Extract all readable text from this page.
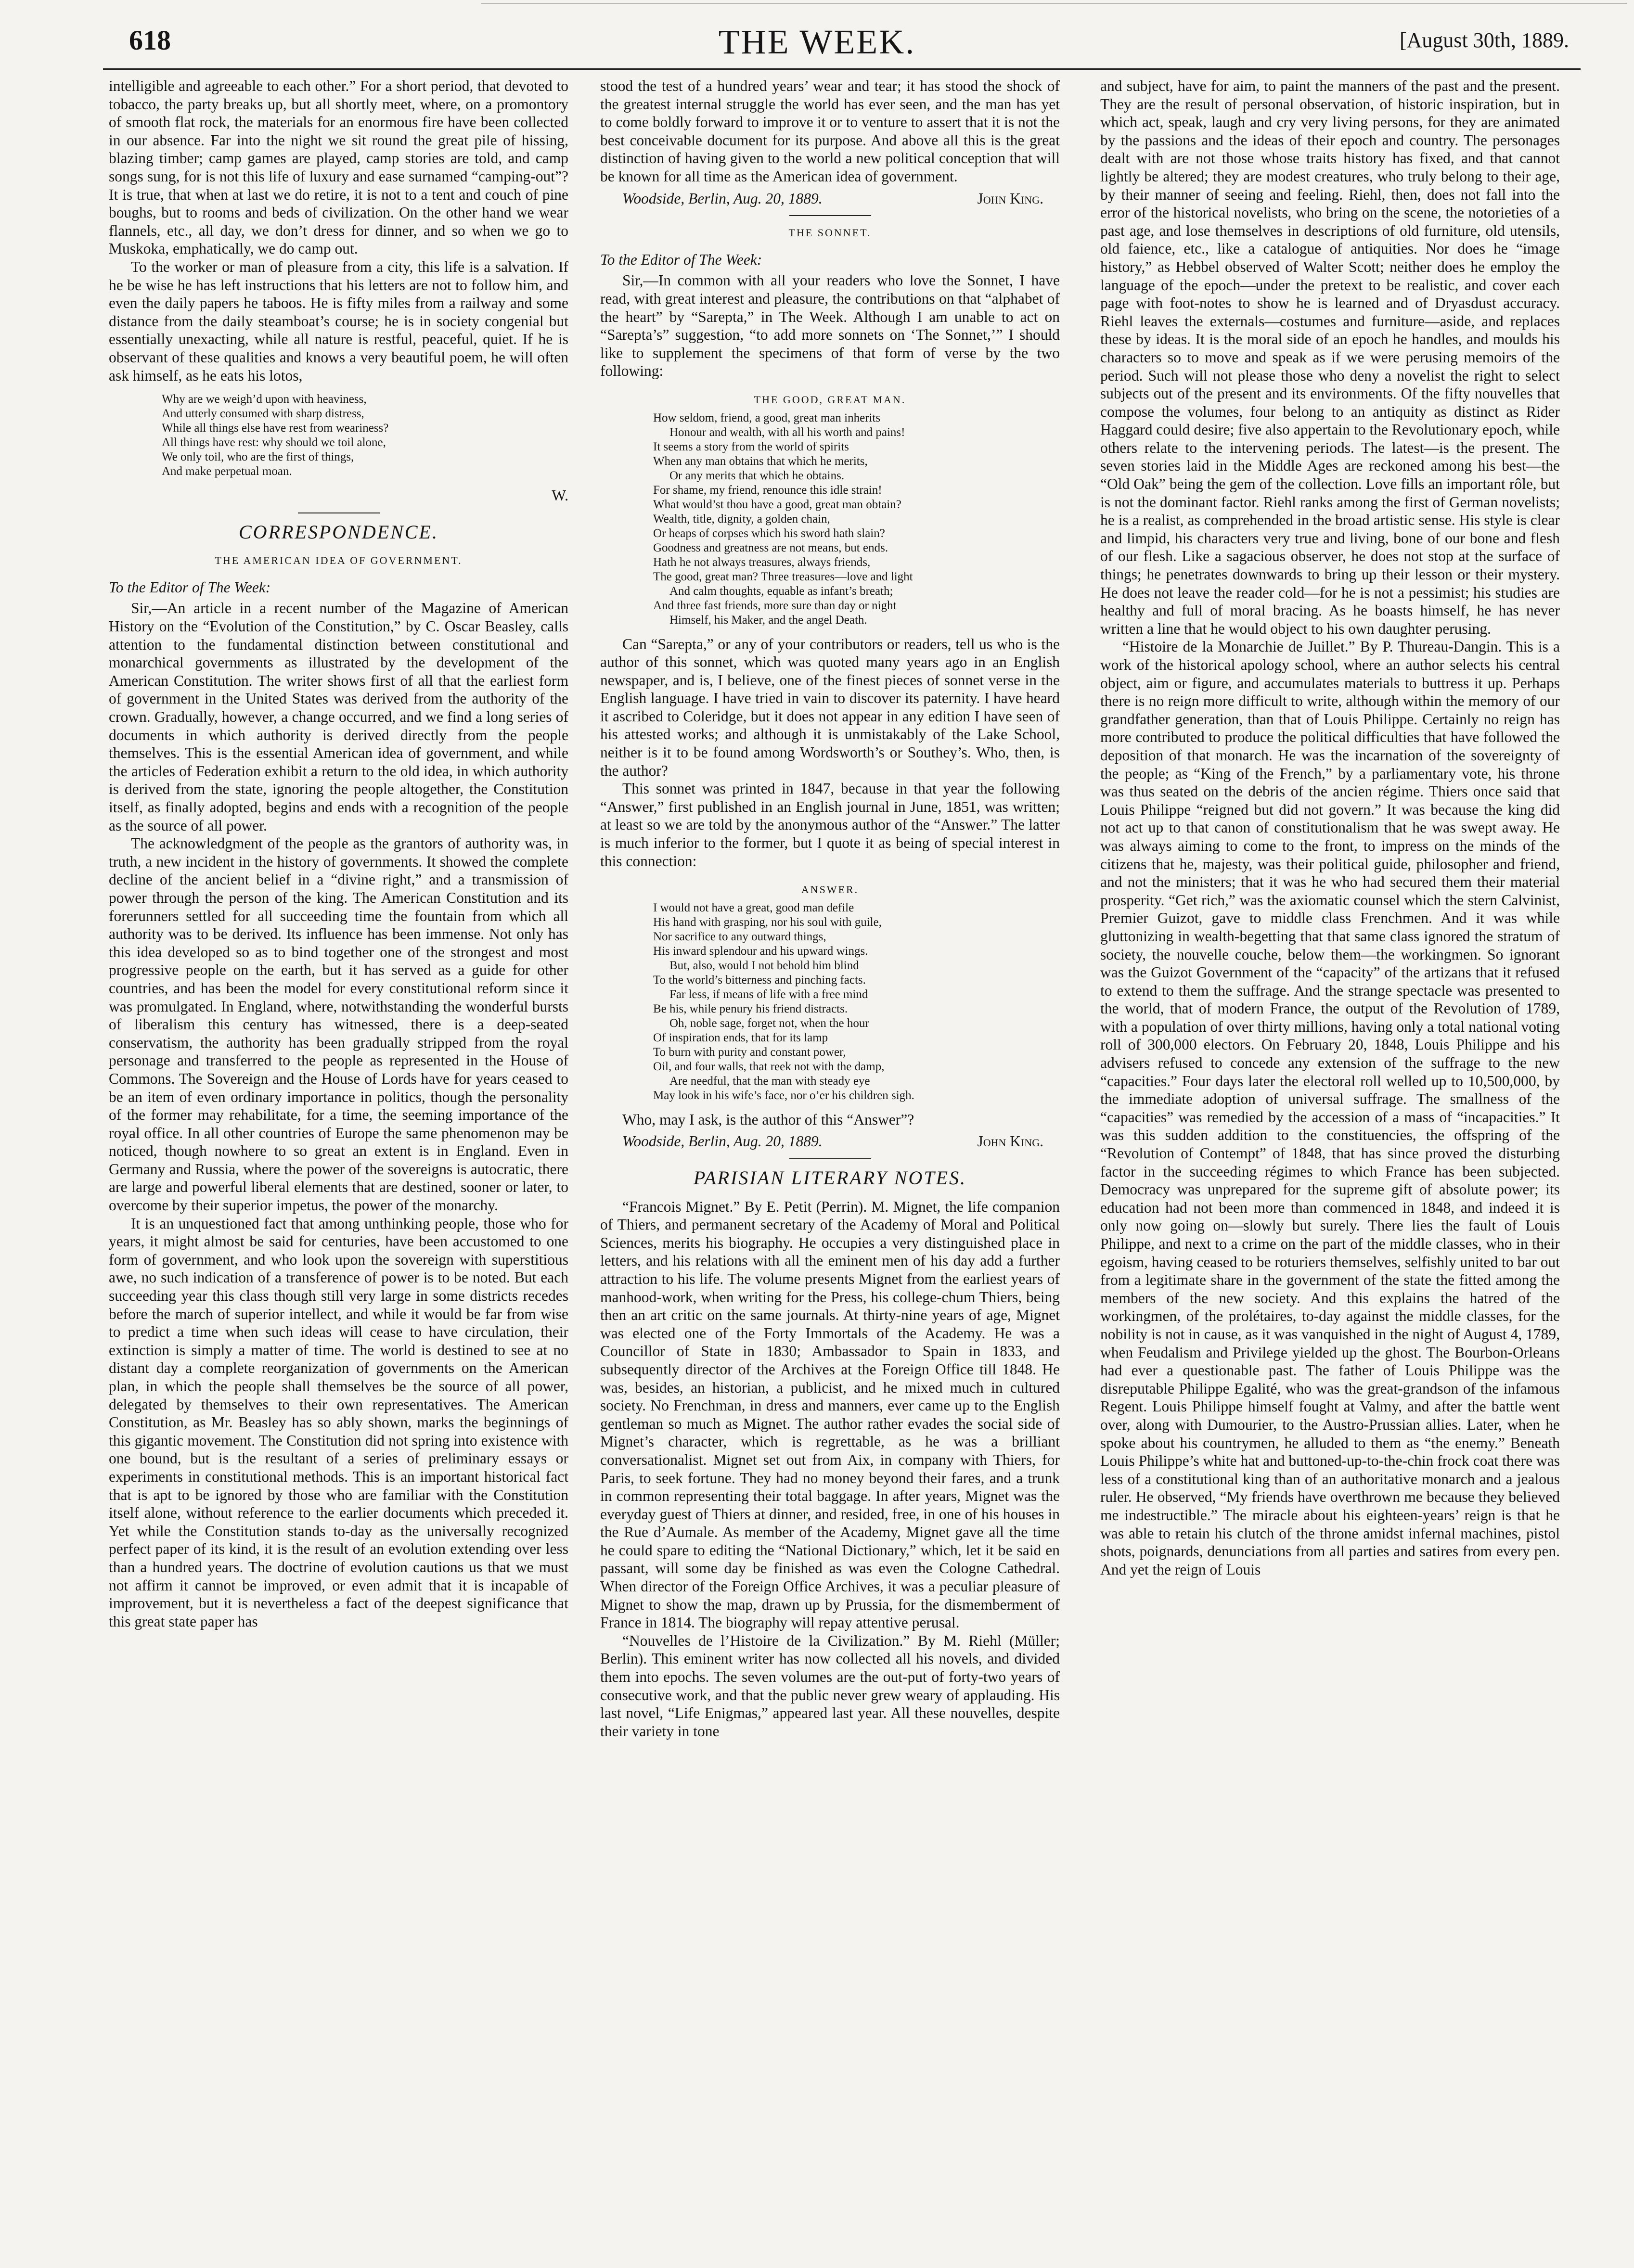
618	THE WEEK.	[August 30th, 1889.

intelligible and agreeable to each other.” For a short period, that devoted to tobacco, the party breaks up, but all shortly meet, where, on a promontory of smooth flat rock, the materials for an enormous fire have been collected in our absence. Far into the night we sit round the great pile of hissing, blazing timber; camp games are played, camp stories are told, and camp songs sung, for is not this life of luxury and ease surnamed “camping-out”? It is true, that when at last we do retire, it is not to a tent and couch of pine boughs, but to rooms and beds of civilization. On the other hand we wear flannels, etc., all day, we don’t dress for dinner, and so when we go to Muskoka, emphatically, we do camp out.

To the worker or man of pleasure from a city, this life is a salvation. If he be wise he has left instructions that his letters are not to follow him, and even the daily papers he taboos. He is fifty miles from a railway and some distance from the daily steamboat’s course; he is in society congenial but essentially unexacting, while all nature is restful, peaceful, quiet. If he is observant of these qualities and knows a very beautiful poem, he will often ask himself, as he eats his lotos,

Why are we weigh’d upon with heaviness,
And utterly consumed with sharp distress,
While all things else have rest from weariness?
All things have rest: why should we toil alone,
We only toil, who are the first of things,
And make perpetual moan.
W.
CORRESPONDENCE.
THE AMERICAN IDEA OF GOVERNMENT.
To the Editor of The Week:

Sir,—An article in a recent number of the Magazine of American History on the “Evolution of the Constitution,” by C. Oscar Beasley, calls attention to the fundamental distinction between constitutional and monarchical governments as illustrated by the development of the American Constitution. The writer shows first of all that the earliest form of government in the United States was derived from the authority of the crown. Gradually, however, a change occurred, and we find a long series of documents in which authority is derived directly from the people themselves. This is the essential American idea of government, and while the articles of Federation exhibit a return to the old idea, in which authority is derived from the state, ignoring the people altogether, the Constitution itself, as finally adopted, begins and ends with a recognition of the people as the source of all power.

The acknowledgment of the people as the grantors of authority was, in truth, a new incident in the history of governments. It showed the complete decline of the ancient belief in a “divine right,” and a transmission of power through the person of the king. The American Constitution and its forerunners settled for all succeeding time the fountain from which all authority was to be derived. Its influence has been immense. Not only has this idea developed so as to bind together one of the strongest and most progressive people on the earth, but it has served as a guide for other countries, and has been the model for every constitutional reform since it was promulgated. In England, where, notwithstanding the wonderful bursts of liberalism this century has witnessed, there is a deep-seated conservatism, the authority has been gradually stripped from the royal personage and transferred to the people as represented in the House of Commons. The Sovereign and the House of Lords have for years ceased to be an item of even ordinary importance in politics, though the personality of the former may rehabilitate, for a time, the seeming importance of the royal office. In all other countries of Europe the same phenomenon may be noticed, though nowhere to so great an extent is in England. Even in Germany and Russia, where the power of the sovereigns is autocratic, there are large and powerful liberal elements that are destined, sooner or later, to overcome by their superior impetus, the power of the monarchy.

It is an unquestioned fact that among unthinking people, those who for years, it might almost be said for centuries, have been accustomed to one form of government, and who look upon the sovereign with superstitious awe, no such indication of a transference of power is to be noted. But each succeeding year this class though still very large in some districts recedes before the march of superior intellect, and while it would be far from wise to predict a time when such ideas will cease to have circulation, their extinction is simply a matter of time. The world is destined to see at no distant day a complete reorganization of governments on the American plan, in which the people shall themselves be the source of all power, delegated by themselves to their own representatives. The American Constitution, as Mr. Beasley has so ably shown, marks the beginnings of this gigantic movement. The Constitution did not spring into existence with one bound, but is the resultant of a series of preliminary essays or experiments in constitutional methods. This is an important historical fact that is apt to be ignored by those who are familiar with the Constitution itself alone, without reference to the earlier documents which preceded it. Yet while the Constitution stands to-day as the universally recognized perfect paper of its kind, it is the result of an evolution extending over less than a hundred years. The doctrine of evolution cautions us that we must not affirm it cannot be improved, or even admit that it is incapable of improvement, but it is nevertheless a fact of the deepest significance that this great state paper has

stood the test of a hundred years’ wear and tear; it has stood the shock of the greatest internal struggle the world has ever seen, and the man has yet to come boldly forward to improve it or to venture to assert that it is not the best conceivable document for its purpose. And above all this is the great distinction of having given to the world a new political conception that will be known for all time as the American idea of government.

Woodside, Berlin, Aug. 20, 1889.	John King.
THE SONNET.
To the Editor of The Week:

Sir,—In common with all your readers who love the Sonnet, I have read, with great interest and pleasure, the contributions on that “alphabet of the heart” by “Sarepta,” in The Week. Although I am unable to act on “Sarepta’s” suggestion, “to add more sonnets on ‘The Sonnet,’” I should like to supplement the specimens of that form of verse by the two following:

THE GOOD, GREAT MAN.
How seldom, friend, a good, great man inherits
Honour and wealth, with all his worth and pains!
It seems a story from the world of spirits
When any man obtains that which he merits,
Or any merits that which he obtains.
For shame, my friend, renounce this idle strain!
What would’st thou have a good, great man obtain?
Wealth, title, dignity, a golden chain,
Or heaps of corpses which his sword hath slain?
Goodness and greatness are not means, but ends.
Hath he not always treasures, always friends,
The good, great man? Three treasures—love and light
And calm thoughts, equable as infant’s breath;
And three fast friends, more sure than day or night
Himself, his Maker, and the angel Death.

Can “Sarepta,” or any of your contributors or readers, tell us who is the author of this sonnet, which was quoted many years ago in an English newspaper, and is, I believe, one of the finest pieces of sonnet verse in the English language. I have tried in vain to discover its paternity. I have heard it ascribed to Coleridge, but it does not appear in any edition I have seen of his attested works; and although it is unmistakably of the Lake School, neither is it to be found among Wordsworth’s or Southey’s. Who, then, is the author?

This sonnet was printed in 1847, because in that year the following “Answer,” first published in an English journal in June, 1851, was written; at least so we are told by the anonymous author of the “Answer.” The latter is much inferior to the former, but I quote it as being of special interest in this connection:

ANSWER.
I would not have a great, good man defile
His hand with grasping, nor his soul with guile,
Nor sacrifice to any outward things,
His inward splendour and his upward wings.
But, also, would I not behold him blind
To the world’s bitterness and pinching facts.
Far less, if means of life with a free mind
Be his, while penury his friend distracts.
Oh, noble sage, forget not, when the hour
Of inspiration ends, that for its lamp
To burn with purity and constant power,
Oil, and four walls, that reek not with the damp,
Are needful, that the man with steady eye
May look in his wife’s face, nor o’er his children sigh.

Who, may I ask, is the author of this “Answer”?

Woodside, Berlin, Aug. 20, 1889.	John King.
PARISIAN LITERARY NOTES.

“Francois Mignet.” By E. Petit (Perrin). M. Mignet, the life companion of Thiers, and permanent secretary of the Academy of Moral and Political Sciences, merits his biography. He occupies a very distinguished place in letters, and his relations with all the eminent men of his day add a further attraction to his life. The volume presents Mignet from the earliest years of manhood-work, when writing for the Press, his college-chum Thiers, being then an art critic on the same journals. At thirty-nine years of age, Mignet was elected one of the Forty Immortals of the Academy. He was a Councillor of State in 1830; Ambassador to Spain in 1833, and subsequently director of the Archives at the Foreign Office till 1848. He was, besides, an historian, a publicist, and he mixed much in cultured society. No Frenchman, in dress and manners, ever came up to the English gentleman so much as Mignet. The author rather evades the social side of Mignet’s character, which is regrettable, as he was a brilliant conversationalist. Mignet set out from Aix, in company with Thiers, for Paris, to seek fortune. They had no money beyond their fares, and a trunk in common representing their total baggage. In after years, Mignet was the everyday guest of Thiers at dinner, and resided, free, in one of his houses in the Rue d’Aumale. As member of the Academy, Mignet gave all the time he could spare to editing the “National Dictionary,” which, let it be said en passant, will some day be finished as was even the Cologne Cathedral. When director of the Foreign Office Archives, it was a peculiar pleasure of Mignet to show the map, drawn up by Prussia, for the dismemberment of France in 1814. The biography will repay attentive perusal.

“Nouvelles de l’Histoire de la Civilization.” By M. Riehl (Müller; Berlin). This eminent writer has now collected all his novels, and divided them into epochs. The seven volumes are the out-put of forty-two years of consecutive work, and that the public never grew weary of applauding. His last novel, “Life Enigmas,” appeared last year. All these nouvelles, despite their variety in tone

and subject, have for aim, to paint the manners of the past and the present. They are the result of personal observation, of historic inspiration, but in which act, speak, laugh and cry very living persons, for they are animated by the passions and the ideas of their epoch and country. The personages dealt with are not those whose traits history has fixed, and that cannot lightly be altered; they are modest creatures, who truly belong to their age, by their manner of seeing and feeling. Riehl, then, does not fall into the error of the historical novelists, who bring on the scene, the notorieties of a past age, and lose themselves in descriptions of old furniture, old utensils, old faience, etc., like a catalogue of antiquities. Nor does he “image history,” as Hebbel observed of Walter Scott; neither does he employ the language of the epoch—under the pretext to be realistic, and cover each page with foot-notes to show he is learned and of Dryasdust accuracy. Riehl leaves the externals—costumes and furniture—aside, and replaces these by ideas. It is the moral side of an epoch he handles, and moulds his characters so to move and speak as if we were perusing memoirs of the period. Such will not please those who deny a novelist the right to select subjects out of the present and its environments. Of the fifty nouvelles that compose the volumes, four belong to an antiquity as distinct as Rider Haggard could desire; five also appertain to the Revolutionary epoch, while others relate to the intervening periods. The latest—is the present. The seven stories laid in the Middle Ages are reckoned among his best—the “Old Oak” being the gem of the collection. Love fills an important rôle, but is not the dominant factor. Riehl ranks among the first of German novelists; he is a realist, as comprehended in the broad artistic sense. His style is clear and limpid, his characters very true and living, bone of our bone and flesh of our flesh. Like a sagacious observer, he does not stop at the surface of things; he penetrates downwards to bring up their lesson or their mystery. He does not leave the reader cold—for he is not a pessimist; his studies are healthy and full of moral bracing. As he boasts himself, he has never written a line that he would object to his own daughter perusing.

“Histoire de la Monarchie de Juillet.” By P. Thureau-Dangin. This is a work of the historical apology school, where an author selects his central object, aim or figure, and accumulates materials to buttress it up. Perhaps there is no reign more difficult to write, although within the memory of our grandfather generation, than that of Louis Philippe. Certainly no reign has more contributed to produce the political difficulties that have followed the deposition of that monarch. He was the incarnation of the sovereignty of the people; as “King of the French,” by a parliamentary vote, his throne was thus seated on the debris of the ancien régime. Thiers once said that Louis Philippe “reigned but did not govern.” It was because the king did not act up to that canon of constitutionalism that he was swept away. He was always aiming to come to the front, to impress on the minds of the citizens that he, majesty, was their political guide, philosopher and friend, and not the ministers; that it was he who had secured them their material prosperity. “Get rich,” was the axiomatic counsel which the stern Calvinist, Premier Guizot, gave to middle class Frenchmen. And it was while gluttonizing in wealth-begetting that that same class ignored the stratum of society, the nouvelle couche, below them—the workingmen. So ignorant was the Guizot Government of the “capacity” of the artizans that it refused to extend to them the suffrage. And the strange spectacle was presented to the world, that of modern France, the output of the Revolution of 1789, with a population of over thirty millions, having only a total national voting roll of 300,000 electors. On February 20, 1848, Louis Philippe and his advisers refused to concede any extension of the suffrage to the new “capacities.” Four days later the electoral roll welled up to 10,500,000, by the immediate adoption of universal suffrage. The smallness of the “capacities” was remedied by the accession of a mass of “incapacities.” It was this sudden addition to the constituencies, the offspring of the “Revolution of Contempt” of 1848, that has since proved the disturbing factor in the succeeding régimes to which France has been subjected. Democracy was unprepared for the supreme gift of absolute power; its education had not been more than commenced in 1848, and indeed it is only now going on—slowly but surely. There lies the fault of Louis Philippe, and next to a crime on the part of the middle classes, who in their egoism, having ceased to be roturiers themselves, selfishly united to bar out from a legitimate share in the government of the state the fitted among the members of the new society. And this explains the hatred of the workingmen, of the prolétaires, to-day against the middle classes, for the nobility is not in cause, as it was vanquished in the night of August 4, 1789, when Feudalism and Privilege yielded up the ghost. The Bourbon-Orleans had ever a questionable past. The father of Louis Philippe was the disreputable Philippe Egalité, who was the great-grandson of the infamous Regent. Louis Philippe himself fought at Valmy, and after the battle went over, along with Dumourier, to the Austro-Prussian allies. Later, when he spoke about his countrymen, he alluded to them as “the enemy.” Beneath Louis Philippe’s white hat and buttoned-up-to-the-chin frock coat there was less of a constitutional king than of an authoritative monarch and a jealous ruler. He observed, “My friends have overthrown me because they believed me indestructible.” The miracle about his eighteen-years’ reign is that he was able to retain his clutch of the throne amidst infernal machines, pistol shots, poignards, denunciations from all parties and satires from every pen. And yet the reign of Louis
